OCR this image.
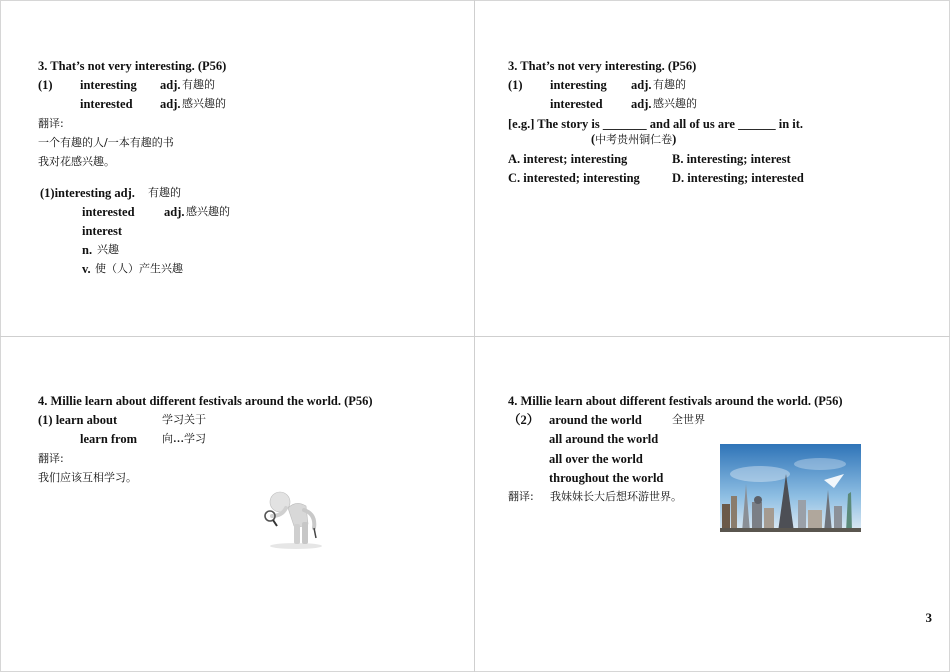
3. That’s not very interesting. (P56)
(1) interesting adj. 有趣的
interested adj. 感兴趣的
翻译:
一个有趣的人/一本有趣的书
我对花感兴趣。
(1)interesting adj. 有趣的
interested adj. 感兴趣的
interest
n. 兴趣
v. 使（人）产生兴趣
3. That’s not very interesting. (P56)
(1) interesting adj. 有趣的
interested adj. 感兴趣的
[e.g.] The story is _______ and all of us are ______ in it.
(中考贵州铜仁卷)
A. interest; interesting	B. interesting; interest
C. interested; interesting	D. interesting; interested
4. Millie learn about different festivals around the world. (P56)
(1) learn about	学习关于
learn from 向…学习
翻译:
我们应该互相学习。
4. Millie learn about different festivals around the world. (P56)
（2） around the world	全世界
all around the world
all over the world
throughout the world
翻译: 我妹妹长大后想环游世界。
3
